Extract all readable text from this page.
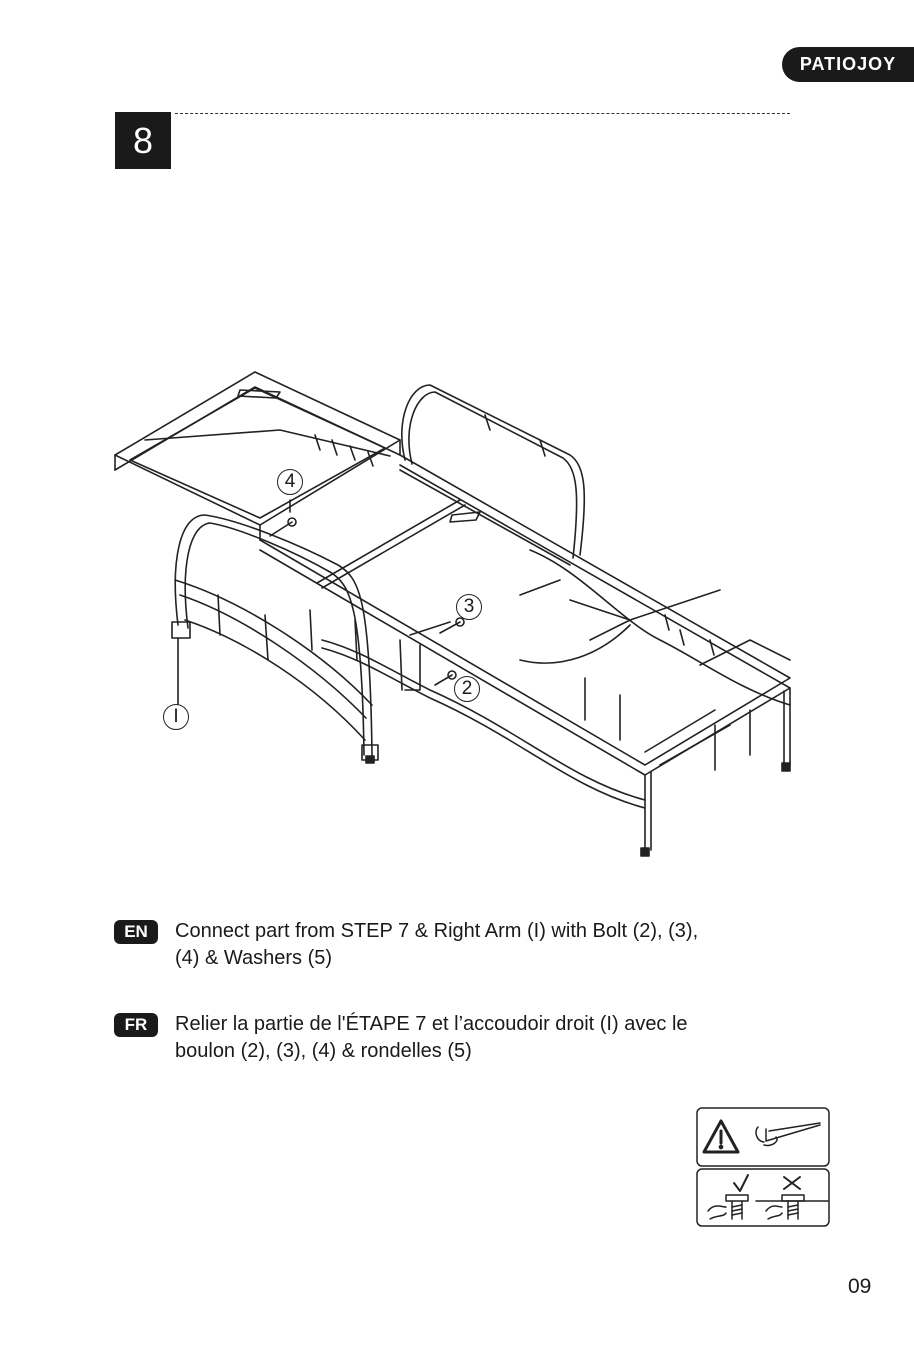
PATIOJOY
8
4
3
2
I
EN Connect part from STEP 7 & Right Arm (I) with Bolt (2), (3),
(4) & Washers (5)
FR Relier la partie de l'ÉTAPE 7 et l’accoudoir droit (I) avec le
boulon (2), (3), (4) & rondelles (5)
09
